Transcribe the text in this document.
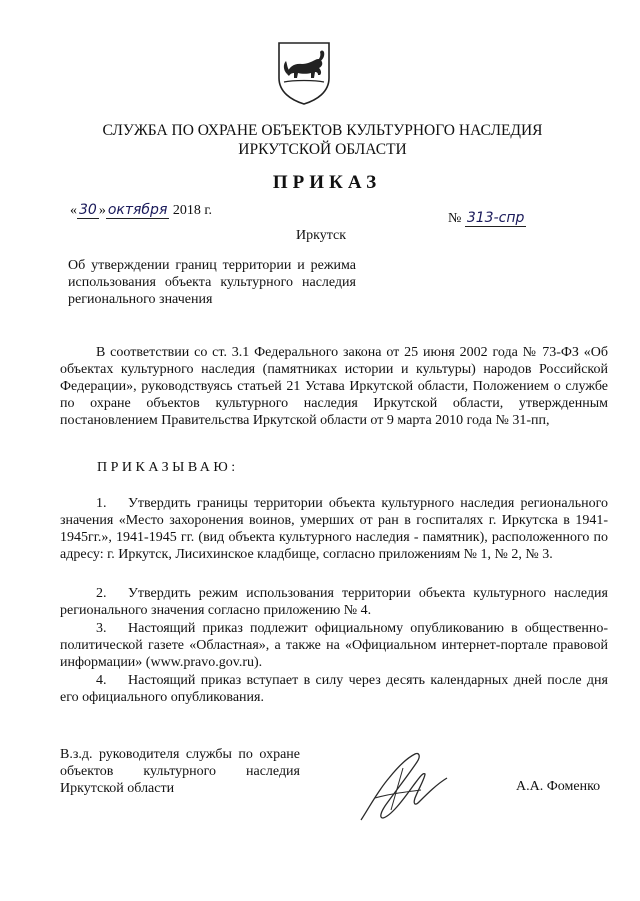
СЛУЖБА ПО ОХРАНЕ ОБЪЕКТОВ КУЛЬТУРНОГО НАСЛЕДИЯ ИРКУТСКОЙ ОБЛАСТИ
ПРИКАЗ
« 30 » октября 2018 г.
№ 313-спр
Иркутск
Об утверждении границ территории и режима использования объекта культурного наследия регионального значения

В соответствии со ст. 3.1 Федерального закона от 25 июня 2002 года № 73-ФЗ «Об объектах культурного наследия (памятниках истории и культуры) народов Российской Федерации», руководствуясь статьей 21 Устава Иркутской области, Положением о службе по охране объектов культурного наследия Иркутской области, утвержденным постановлением Правительства Иркутской области от 9 марта 2010 года № 31-пп,

ПРИКАЗЫВАЮ:

1. Утвердить границы территории объекта культурного наследия регионального значения «Место захоронения воинов, умерших от ран в госпиталях г. Иркутска в 1941-1945гг.», 1941-1945 гг. (вид объекта культурного наследия - памятник), расположенного по адресу: г. Иркутск, Лисихинское кладбище, согласно приложениям № 1, № 2, № 3.

2. Утвердить режим использования территории объекта культурного наследия регионального значения согласно приложению № 4.

3. Настоящий приказ подлежит официальному опубликованию в общественно-политической газете «Областная», а также на «Официальном интернет-портале правовой информации» (www.pravo.gov.ru).

4. Настоящий приказ вступает в силу через десять календарных дней после дня его официального опубликования.

В.з.д. руководителя службы по охране объектов культурного наследия Иркутской области	А.А. Фоменко
